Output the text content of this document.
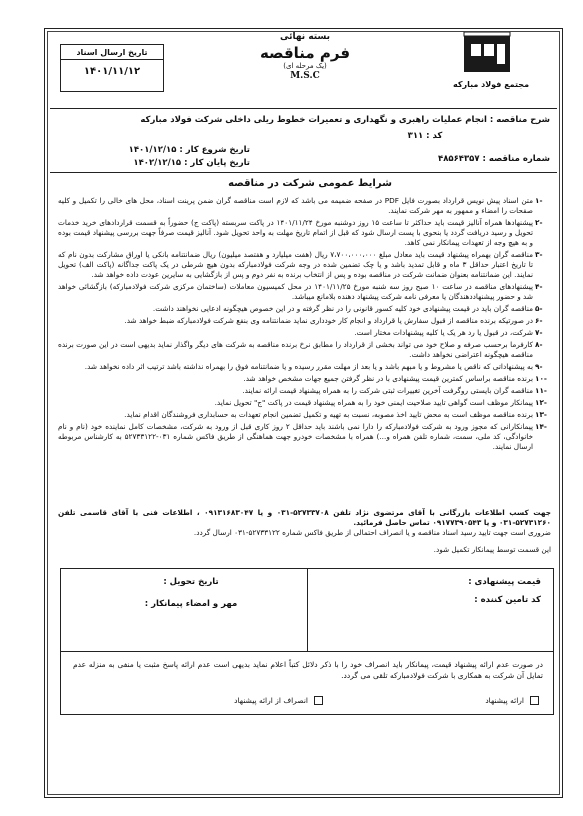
مجتمع فولاد مبارکه
بسته نهائی
فرم مناقصه
(یک مرحله ای)
M.S.C
تاریخ ارسال اسناد
۱۴۰۱/۱۱/۱۲
شرح مناقصه : انجام عملیات راهبری و نگهداری و تعمیرات خطوط ریلی داخلی شرکت فولاد مبارکه
کد : ۳۱۱
تاریخ شروع کار : ۱۴۰۱/۱۲/۱۵
تاریخ پایان کار : ۱۴۰۲/۱۲/۱۵	شماره مناقصه : ۴۸۵۶۴۳۵۷
شرایط عمومی شرکت در مناقصه
۱-
متن اسناد پیش نویس قرارداد بصورت فایل PDF در صفحه ضمیمه می باشد که لازم است مناقصه گران ضمن پرینت اسناد، محل های خالی را تکمیل و کلیه صفحات را امضاء و ممهور به مهر شرکت نمایند.
۲-
پیشنهادها همراه آنالیز قیمت باید حداکثر تا ساعت ۱۵ روز دوشنبه مورخ ۱۴۰۱/۱۱/۲۴ در پاکت سربسته (پاکت ج) حضوراً به قسمت قراردادهای خرید خدمات تحویل و رسید دریافت گردد یا بنحوی با پست ارسال شود که قبل از اتمام تاریخ مهلت به واحد تحویل شود. آنالیز قیمت صرفاً جهت بررسی پیشنهاد قیمت بوده و به هیچ وجه از تعهدات پیمانکار نمی کاهد.
۳-
مناقصه گران بهمراه پیشنهاد قیمت باید معادل مبلغ ۷،۷۰۰،۰۰۰،۰۰۰ ریال (هفت میلیارد و هفتصد میلیون) ریال ضمانتنامه بانکی یا اوراق مشارکت بدون نام که تا تاریخ اعتبار حداقل ۳ ماه و قابل تمدید باشد و یا چک تضمین شده در وجه شرکت فولادمبارکه بدون هیچ شرطی در یک پاکت جداگانه (پاکت الف) تحویل نمایند. این ضمانتنامه بعنوان ضمانت شرکت در مناقصه بوده و پس از انتخاب برنده به نفر دوم و پس از بازگشایی به سایرین عودت داده خواهد شد.
۴-
پیشنهادهای مناقصه در ساعت ۱۰ صبح روز سه شنبه مورخ ۱۴۰۱/۱۱/۲۵ در محل کمیسیون معاملات (ساختمان مرکزی شرکت فولادمبارکه) بازگشائی خواهد شد و حضور پیشنهاددهندگان یا معرفی نامه شرکت پیشنهاد دهنده بلامانع میباشد.
۵-
مناقصه گران باید در قیمت پیشنهادی خود کلیه کسور قانونی را در نظر گرفته و در این خصوص هیچگونه ادعایی نخواهند داشت.
۶-
در صورتیکه برنده مناقصه از قبول سفارش یا قرارداد و انجام کار خودداری نماید ضمانتنامه وی بنفع شرکت فولادمبارکه ضبط خواهد شد.
۷-
شرکت، در قبول یا رد هر یک یا کلیه پیشنهادات مختار است.
۸-
کارفرما برحسب صرفه و صلاح خود می تواند بخشی از قرارداد را مطابق نرخ برنده مناقصه به شرکت های دیگر واگذار نماید بدیهی است در این صورت برنده مناقصه هیچگونه اعتراضی نخواهد داشت.
۹-
به پیشنهاداتی که ناقص یا مشروط و یا مبهم باشد و یا بعد از مهلت مقرر رسیده و یا ضمانتنامه فوق را بهمراه نداشته باشد ترتیب اثر داده نخواهد شد.
۱۰-
برنده مناقصه براساس کمترین قیمت پیشنهادی با در نظر گرفتن جمیع جهات مشخص خواهد شد.
۱۱-
مناقصه گران بایستی روگرفت آخرین تغییرات ثبتی شرکت را به همراه پیشنهاد قیمت ارائه نمایند.
۱۲-
پیمانکار موظف است گواهی تایید صلاحیت ایمنی خود را به همراه پیشنهاد قیمت در پاکت "ج" تحویل نماید.
۱۳-
برنده مناقصه موظف است به محض تایید اخذ مصوبه، نسبت به تهیه و تکمیل تضمین انجام تعهدات به حسابداری فروشندگان اقدام نماید.
۱۴-
پیمانکارانی که مجوز ورود به شرکت فولادمبارکه را دارا نمی باشند باید حداقل ۲ روز کاری قبل از ورود به شرکت، مشخصات کامل نماینده خود (نام و نام خانوادگی، کد ملی، سمت، شماره تلفن همراه و...) همراه با مشخصات خودرو جهت هماهنگی از طریق فاکس شماره ۰۳۱-۵۲۷۳۳۱۲۲ به کارشناس مربوطه ارسال نمایند.
جهت کسب اطلاعات بازرگانی با آقای مرتضوی نژاد تلفن ۵۲۷۳۳۷۰۸-۰۳۱ و یا ۰۹۱۳۱۶۸۳۰۴۷ ، اطلاعات فنی با آقای قاسمی تلفن ۵۲۷۳۱۲۶۰-۰۳۱ و یا ۰۹۱۷۷۳۹۰۵۴۳ تماس حاصل فرمائید.
ضروری است جهت تایید رسید اسناد مناقصه و یا انصراف احتمالی از طریق فاکس شماره ۵۲۷۳۳۱۲۲-۰۳۱ ارسال گردد.
این قسمت توسط پیمانکار تکمیل شود.
قیمت پیشنهادی :
کد تامین کننده :
تاریخ تحویل :
مهر و امضاء پیمانکار :
در صورت عدم ارائه پیشنهاد قیمت، پیمانکار باید انصراف خود را با ذکر دلائل کتباً اعلام نماید بدیهی است عدم ارائه پاسخ مثبت یا منفی به منزله عدم تمایل آن شرکت به همکاری با شرکت فولادمبارکه تلقی می گردد.
ارائه پیشنهاد
انصراف از ارائه پیشنهاد
